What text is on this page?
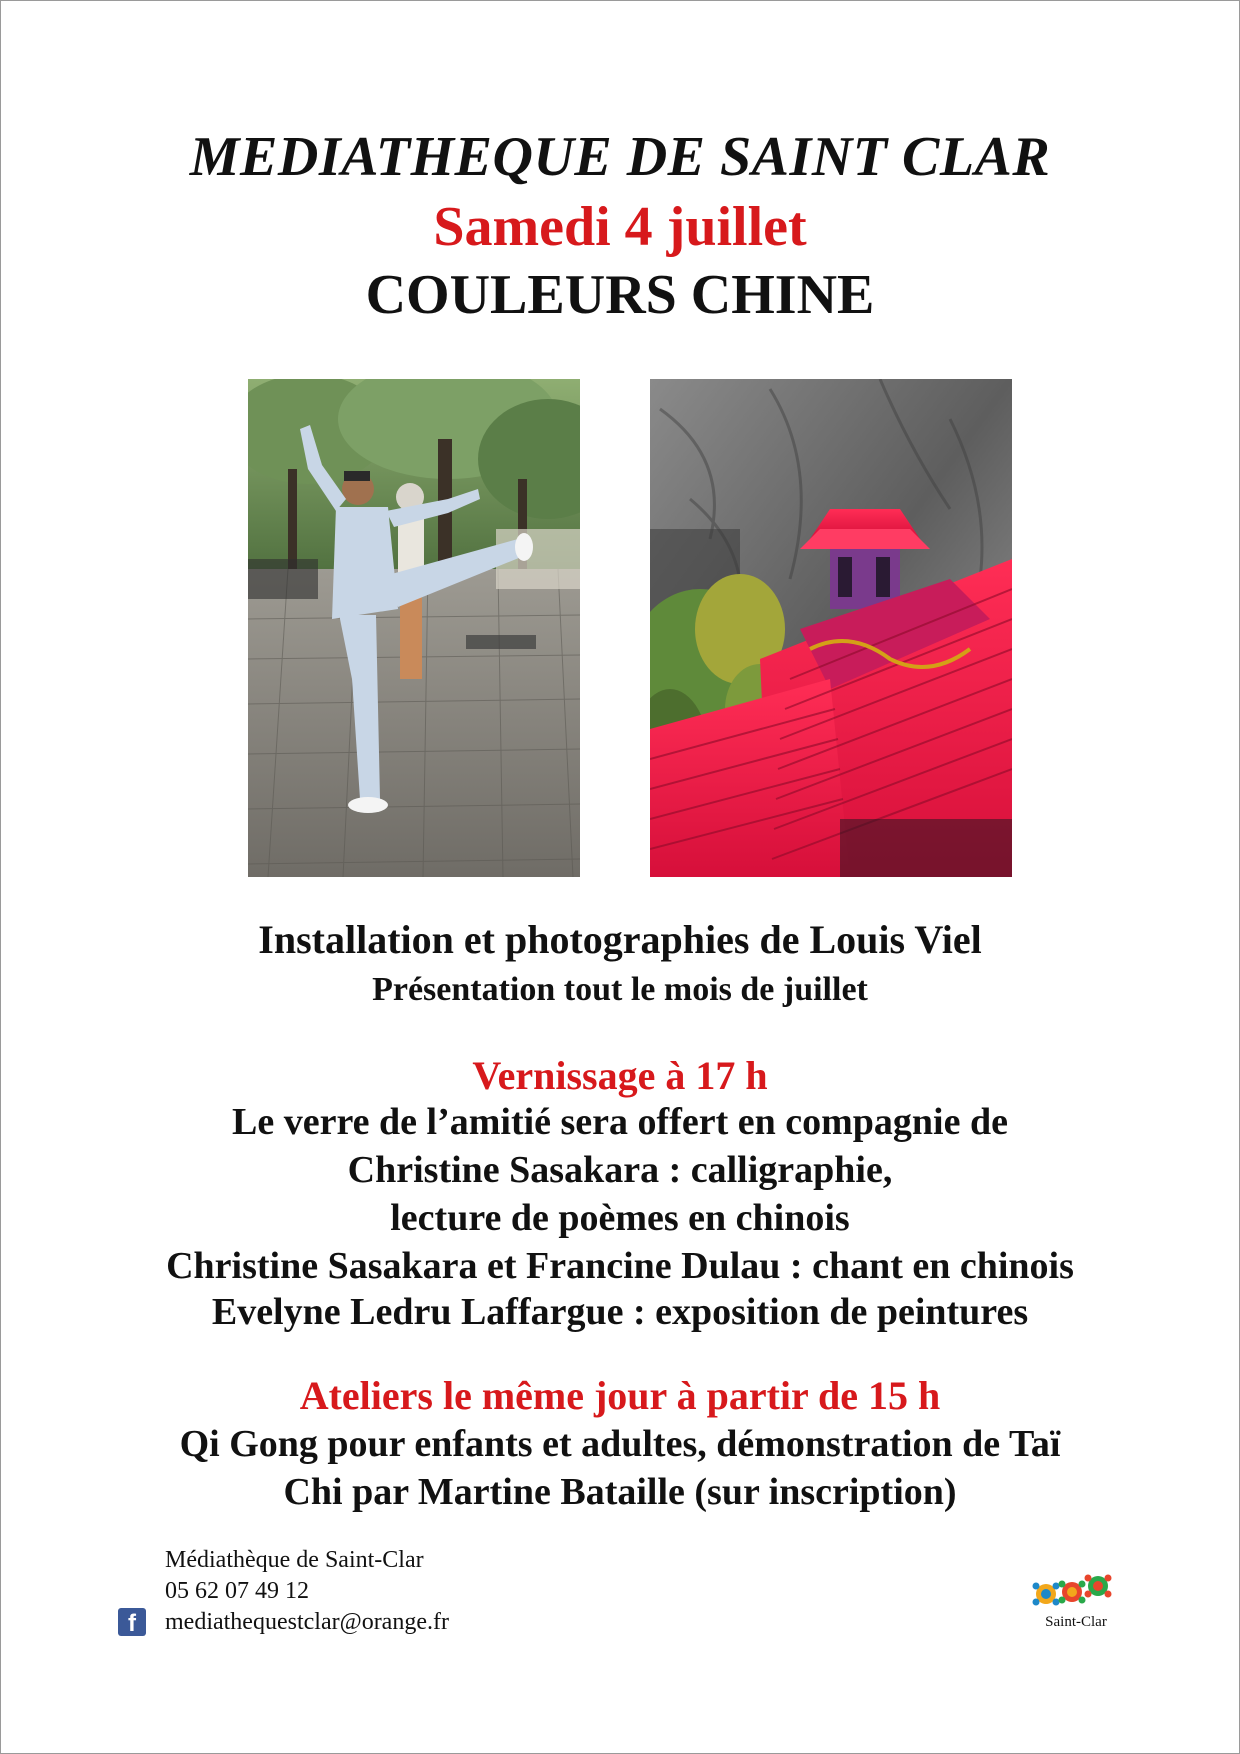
MEDIATHEQUE DE SAINT CLAR
Samedi 4 juillet
COULEURS CHINE
Installation et photographies de Louis Viel
Présentation tout le mois de juillet
Vernissage à 17 h
Le verre de l’amitié sera offert en compagnie de
Christine Sasakara : calligraphie,
lecture de poèmes en chinois
Christine Sasakara et Francine Dulau : chant en chinois
Evelyne Ledru Laffargue : exposition de peintures
Ateliers le même jour à partir de 15 h
Qi Gong pour enfants et adultes, démonstration de Taï
Chi par Martine Bataille (sur inscription)
Médiathèque de Saint-Clar
05 62 07 49 12
mediathequestclar@orange.fr
f	Saint-Clar
